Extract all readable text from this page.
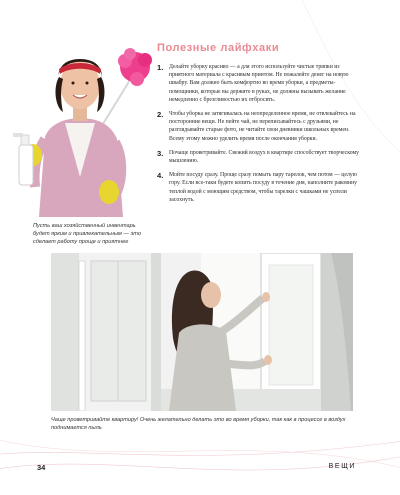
Пусть ваш хозяйственный инвентарь будет ярким и привлекательным — это сделает работу проще и приятнее
Полезные лайфхаки
1. Делайте уборку красиво — а для этого используйте чистые тряпки из приятного материала с красивым принтом. Не пожалейте денег на новую швабру. Вам должно быть комфортно во время уборки, а предметы-помощники, которые вы держите в руках, не должны вызывать желание немедленно с брезгливостью их отбросить.
2. Чтобы уборка не затягивалась на неопределенное время, не отвлекайтесь на посторонние вещи. Не пейте чай, не переписывайтесь с друзьями, не разглядывайте старые фото, не читайте свои дневники школьных времен. Всему этому можно уделить время после окончания уборки.
3. Почаще проветривайте. Свежий воздух в квартире способствует творческому мышлению.
4. Мойте посуду сразу. Проще сразу помыть пару тарелок, чем потом — целую гору. Если все-таки будете копить посуду в течение дня, наполните раковину теплой водой с моющим средством, чтобы тарелки с чашками не успели засохнуть.
Чаще проветривайте квартиру! Очень желательно делать это во время уборки, так как в процессе в воздух поднимается пыль
34	ВЕЩИ
